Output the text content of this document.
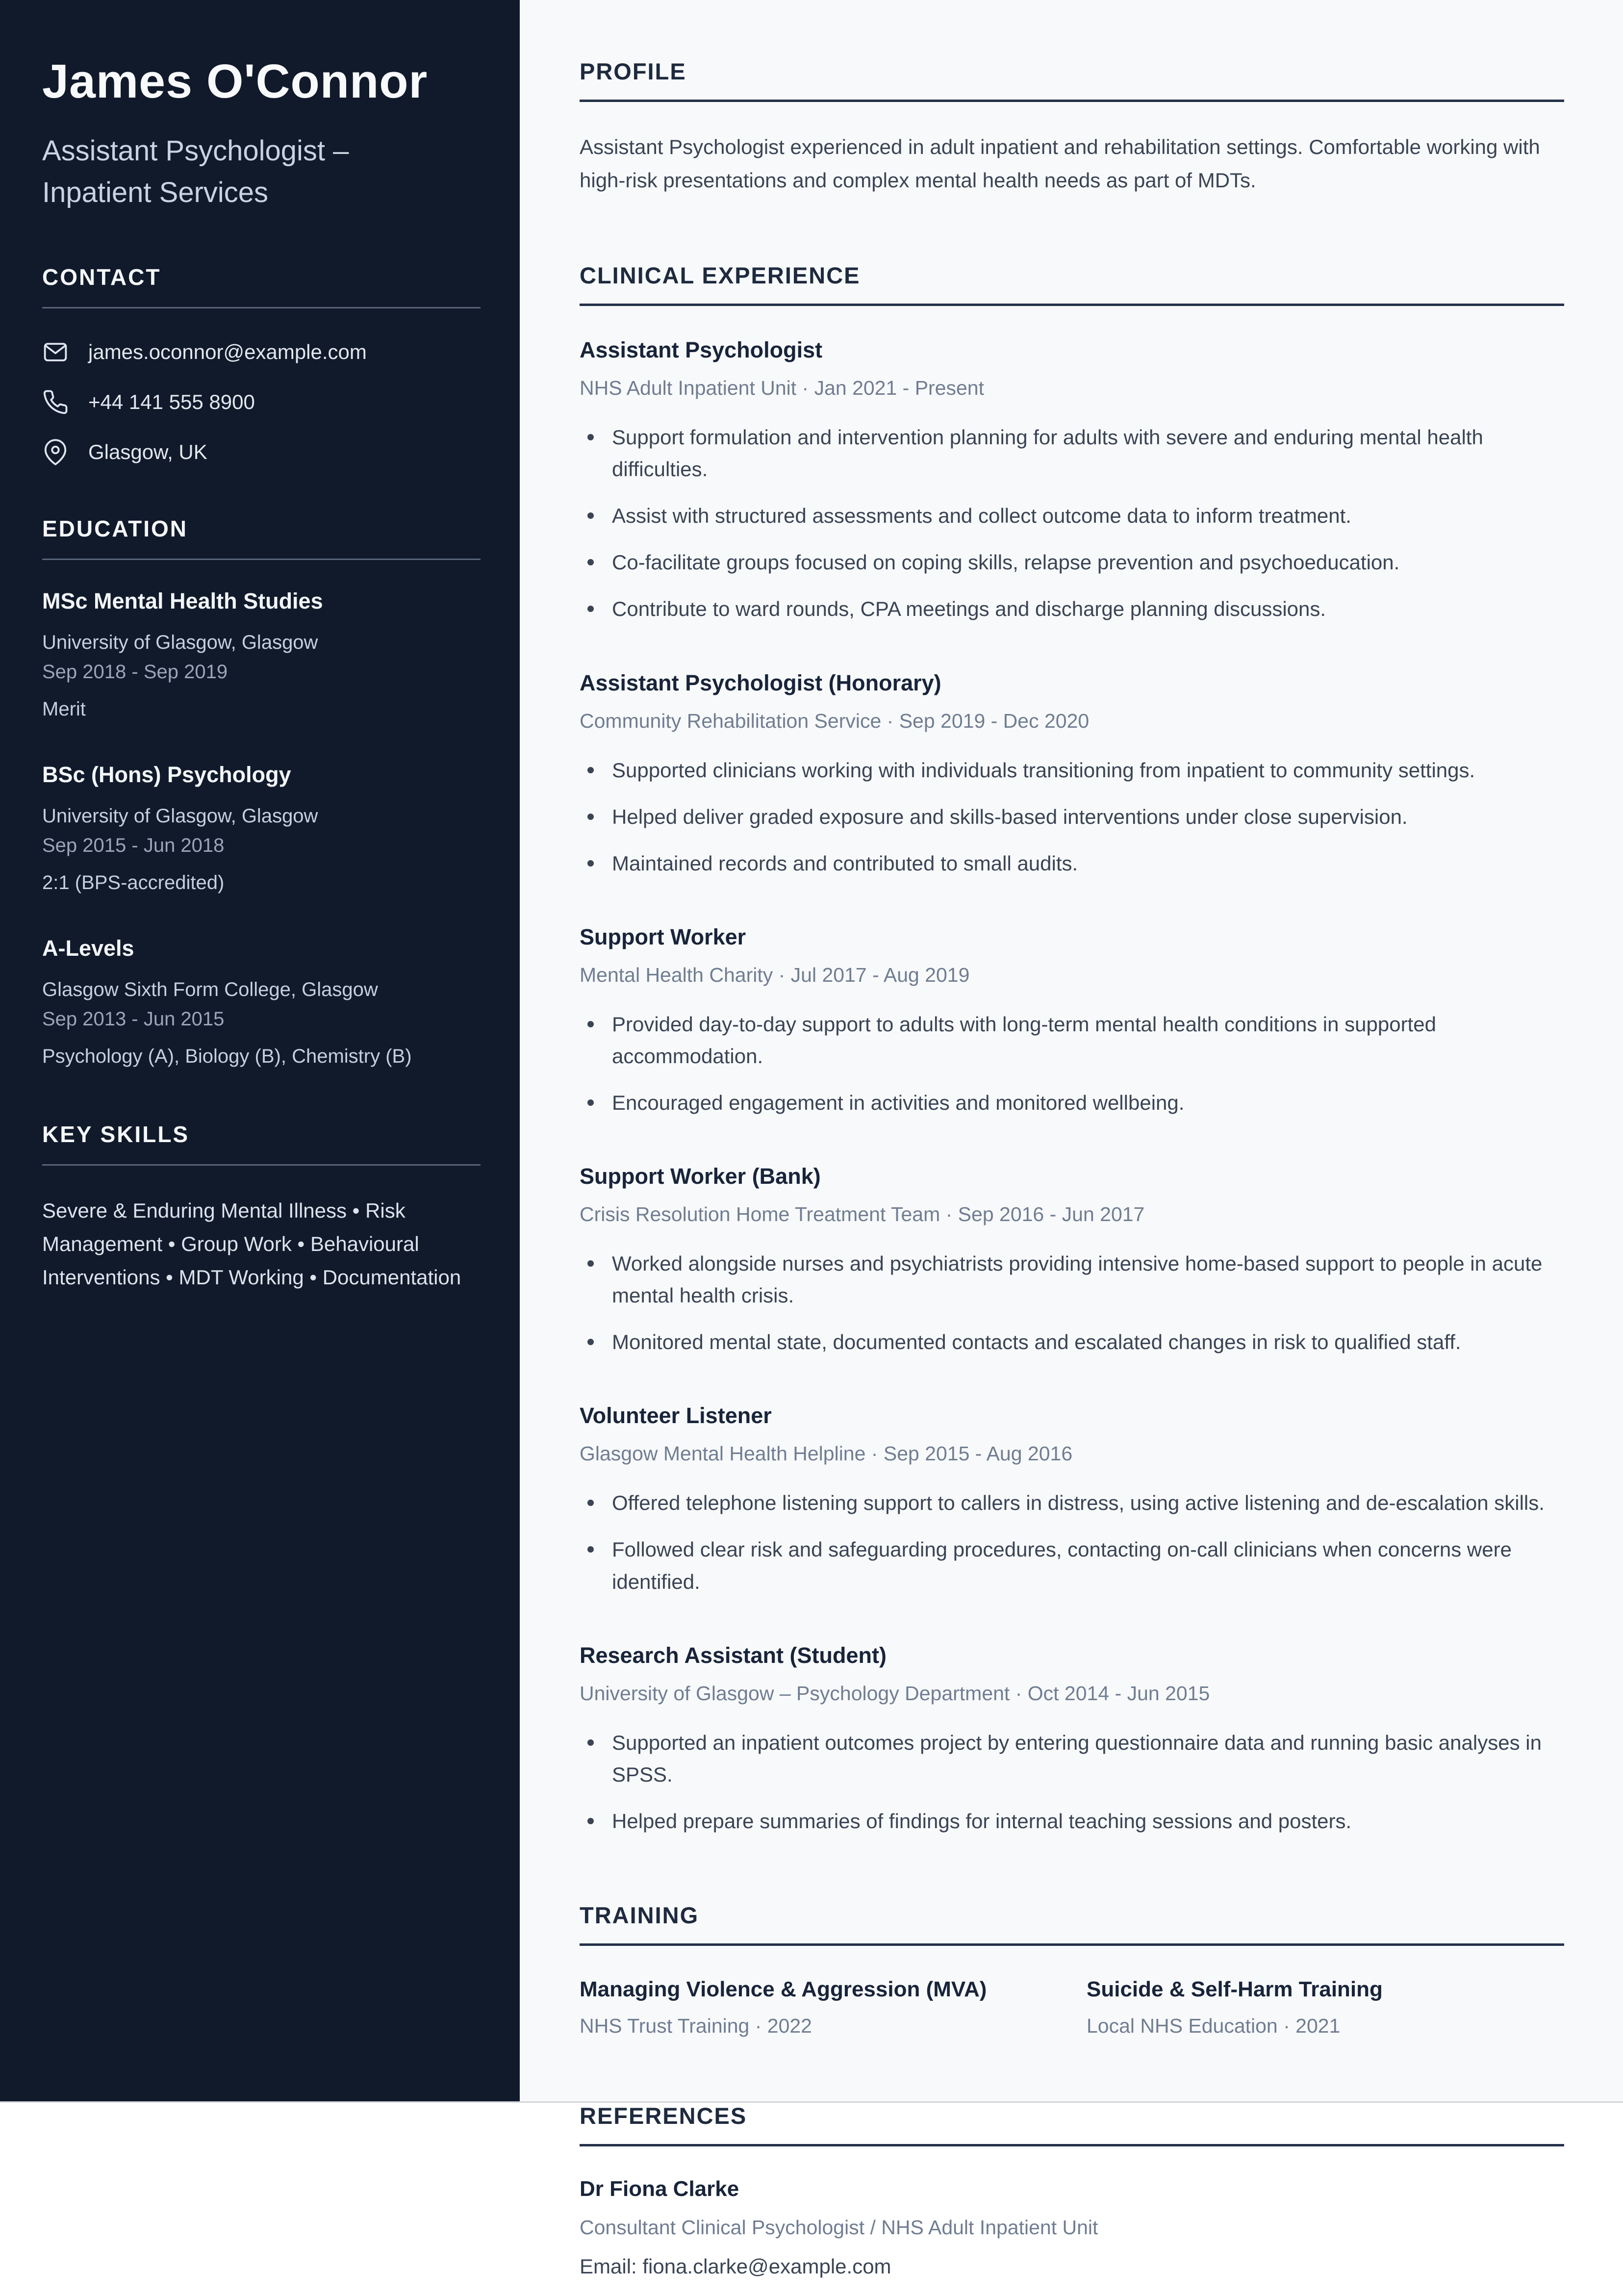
James O'Connor
Assistant Psychologist – Inpatient Services
CONTACT
james.oconnor@example.com
+44 141 555 8900
Glasgow, UK
EDUCATION
MSc Mental Health Studies
University of Glasgow, Glasgow
Sep 2018 - Sep 2019
Merit
BSc (Hons) Psychology
University of Glasgow, Glasgow
Sep 2015 - Jun 2018
2:1 (BPS-accredited)
A-Levels
Glasgow Sixth Form College, Glasgow
Sep 2013 - Jun 2015
Psychology (A), Biology (B), Chemistry (B)
KEY SKILLS

Severe & Enduring Mental Illness • Risk Management • Group Work • Behavioural Interventions • MDT Working • Documentation

PROFILE

Assistant Psychologist experienced in adult inpatient and rehabilitation settings. Comfortable working with high-risk presentations and complex mental health needs as part of MDTs.

CLINICAL EXPERIENCE
Assistant Psychologist
NHS Adult Inpatient Unit · Jan 2021 - Present
Support formulation and intervention planning for adults with severe and enduring mental health difficulties.
Assist with structured assessments and collect outcome data to inform treatment.
Co-facilitate groups focused on coping skills, relapse prevention and psychoeducation.
Contribute to ward rounds, CPA meetings and discharge planning discussions.
Assistant Psychologist (Honorary)
Community Rehabilitation Service · Sep 2019 - Dec 2020
Supported clinicians working with individuals transitioning from inpatient to community settings.
Helped deliver graded exposure and skills-based interventions under close supervision.
Maintained records and contributed to small audits.
Support Worker
Mental Health Charity · Jul 2017 - Aug 2019
Provided day-to-day support to adults with long-term mental health conditions in supported accommodation.
Encouraged engagement in activities and monitored wellbeing.
Support Worker (Bank)
Crisis Resolution Home Treatment Team · Sep 2016 - Jun 2017
Worked alongside nurses and psychiatrists providing intensive home-based support to people in acute mental health crisis.
Monitored mental state, documented contacts and escalated changes in risk to qualified staff.
Volunteer Listener
Glasgow Mental Health Helpline · Sep 2015 - Aug 2016
Offered telephone listening support to callers in distress, using active listening and de-escalation skills.
Followed clear risk and safeguarding procedures, contacting on-call clinicians when concerns were identified.
Research Assistant (Student)
University of Glasgow – Psychology Department · Oct 2014 - Jun 2015
Supported an inpatient outcomes project by entering questionnaire data and running basic analyses in SPSS.
Helped prepare summaries of findings for internal teaching sessions and posters.
TRAINING
Managing Violence & Aggression (MVA)
NHS Trust Training · 2022
Suicide & Self-Harm Training
Local NHS Education · 2021
REFERENCES
Dr Fiona Clarke
Consultant Clinical Psychologist / NHS Adult Inpatient Unit
Email: fiona.clarke@example.com
